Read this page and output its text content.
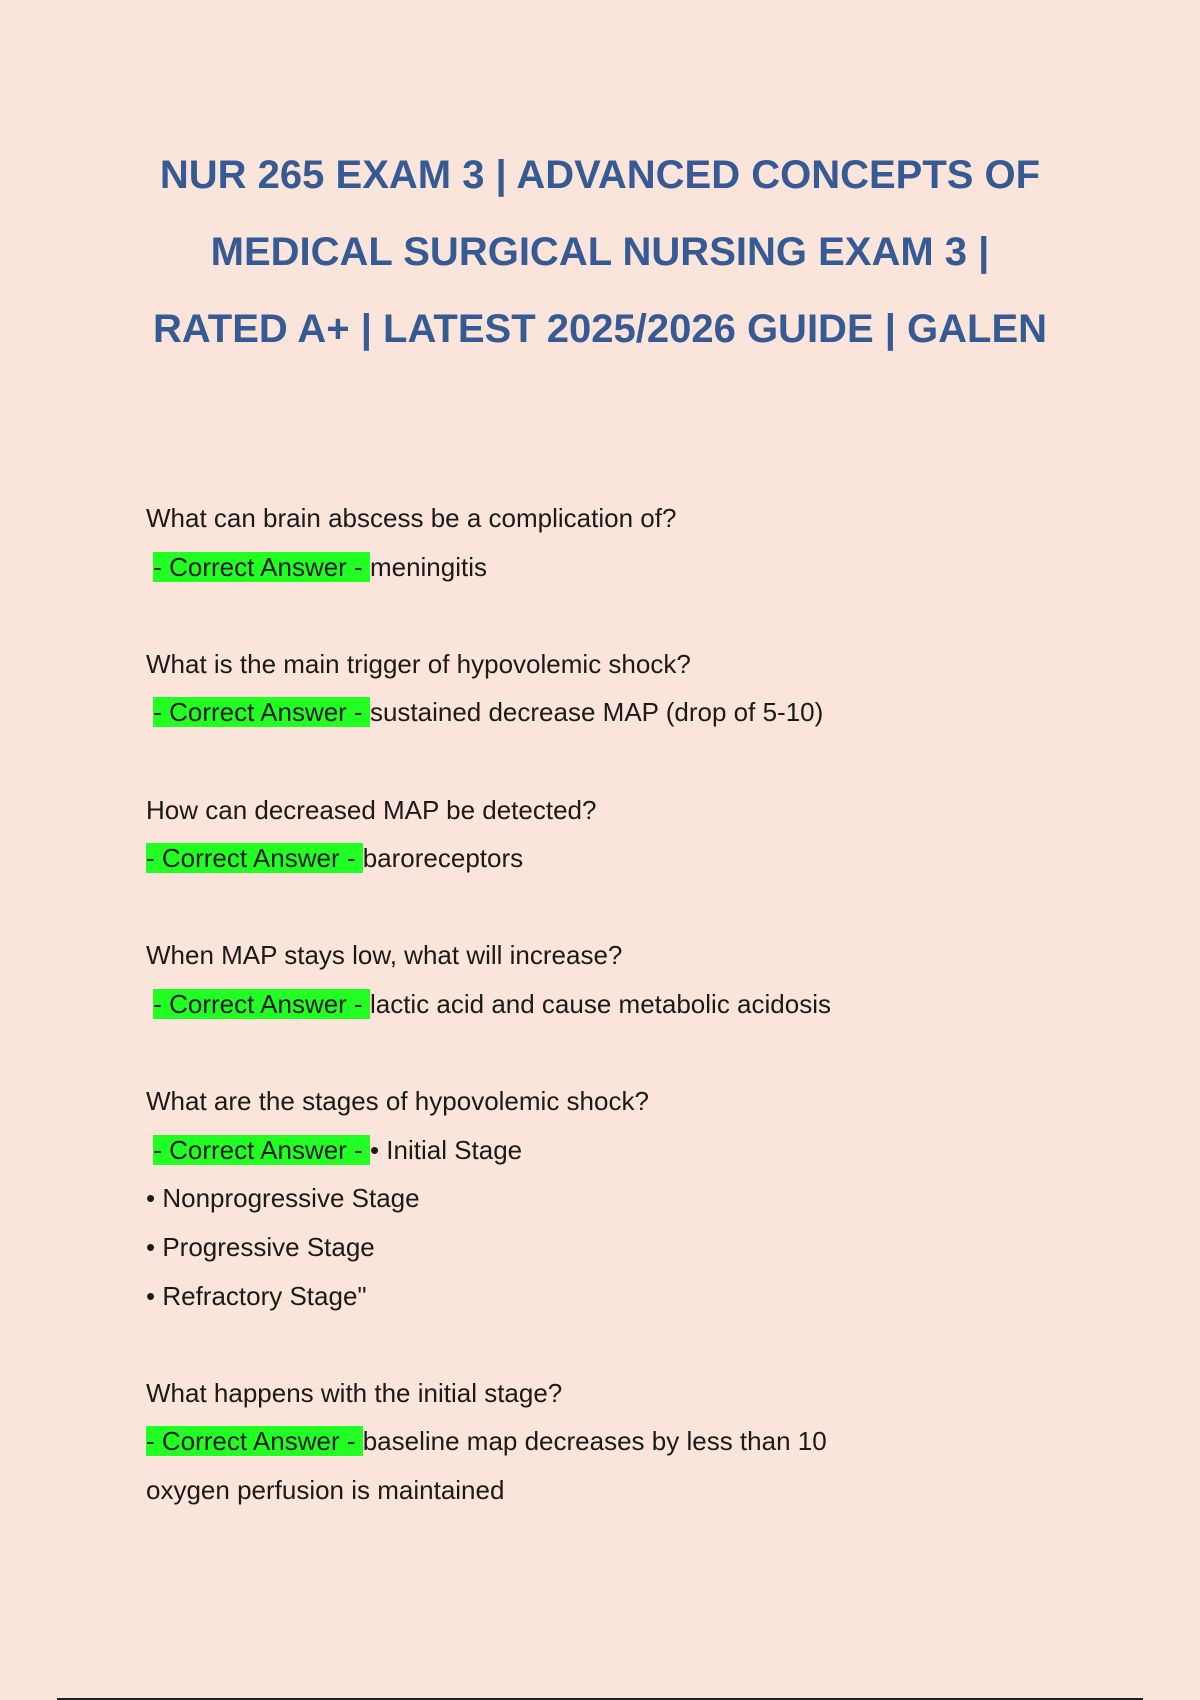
NUR 265 EXAM 3 | ADVANCED CONCEPTS OF MEDICAL SURGICAL NURSING EXAM 3 | RATED A+ | LATEST 2025/2026 GUIDE | GALEN
What can brain abscess be a complication of?
- Correct Answer - meningitis
What is the main trigger of hypovolemic shock?
- Correct Answer - sustained decrease MAP (drop of 5-10)
How can decreased MAP be detected?
- Correct Answer - baroreceptors
When MAP stays low, what will increase?
- Correct Answer - lactic acid and cause metabolic acidosis
What are the stages of hypovolemic shock?
- Correct Answer - • Initial Stage
• Nonprogressive Stage
• Progressive Stage
• Refractory Stage"
What happens with the initial stage?
- Correct Answer - baseline map decreases by less than 10
oxygen perfusion is maintained
